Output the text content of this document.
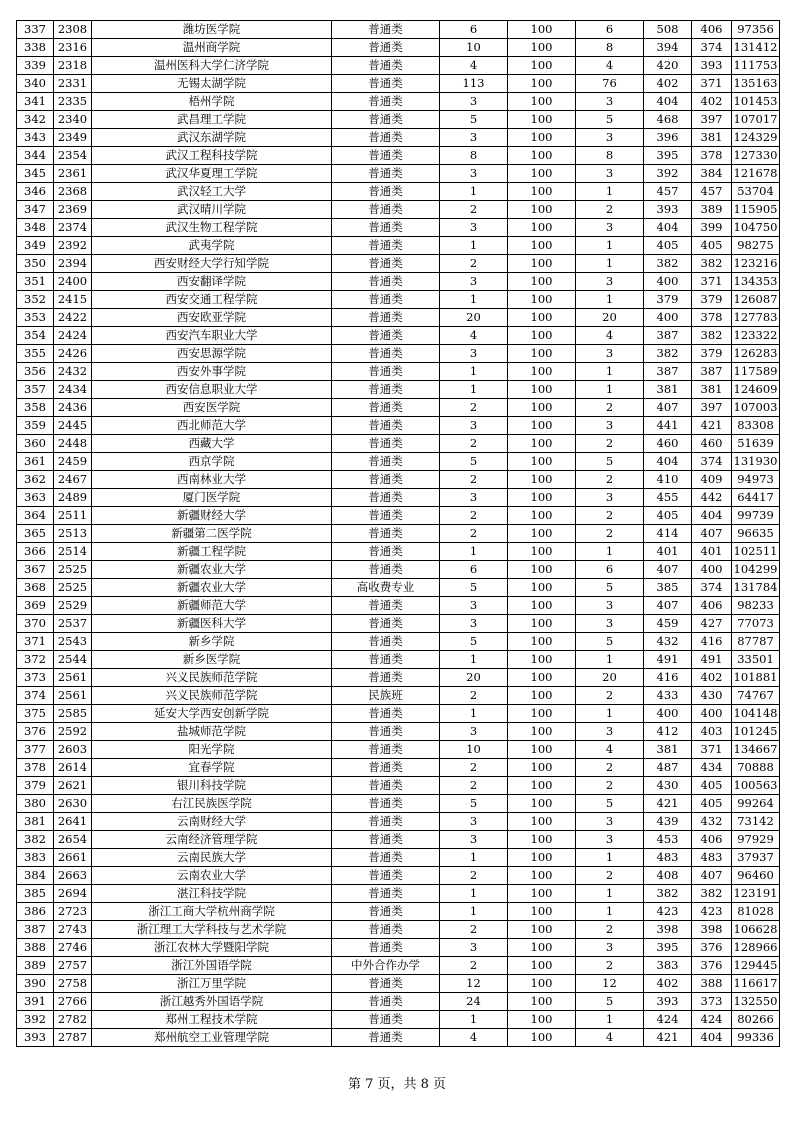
337	2308	潍坊医学院	普通类	6	100	6	508	406	97356
338	2316	温州商学院	普通类	10	100	8	394	374	131412
339	2318	温州医科大学仁济学院	普通类	4	100	4	420	393	111753
340	2331	无锡太湖学院	普通类	113	100	76	402	371	135163
341	2335	梧州学院	普通类	3	100	3	404	402	101453
342	2340	武昌理工学院	普通类	5	100	5	468	397	107017
343	2349	武汉东湖学院	普通类	3	100	3	396	381	124329
344	2354	武汉工程科技学院	普通类	8	100	8	395	378	127330
345	2361	武汉华夏理工学院	普通类	3	100	3	392	384	121678
346	2368	武汉轻工大学	普通类	1	100	1	457	457	53704
347	2369	武汉晴川学院	普通类	2	100	2	393	389	115905
348	2374	武汉生物工程学院	普通类	3	100	3	404	399	104750
349	2392	武夷学院	普通类	1	100	1	405	405	98275
350	2394	西安财经大学行知学院	普通类	2	100	1	382	382	123216
351	2400	西安翻译学院	普通类	3	100	3	400	371	134353
352	2415	西安交通工程学院	普通类	1	100	1	379	379	126087
353	2422	西安欧亚学院	普通类	20	100	20	400	378	127783
354	2424	西安汽车职业大学	普通类	4	100	4	387	382	123322
355	2426	西安思源学院	普通类	3	100	3	382	379	126283
356	2432	西安外事学院	普通类	1	100	1	387	387	117589
357	2434	西安信息职业大学	普通类	1	100	1	381	381	124609
358	2436	西安医学院	普通类	2	100	2	407	397	107003
359	2445	西北师范大学	普通类	3	100	3	441	421	83308
360	2448	西藏大学	普通类	2	100	2	460	460	51639
361	2459	西京学院	普通类	5	100	5	404	374	131930
362	2467	西南林业大学	普通类	2	100	2	410	409	94973
363	2489	厦门医学院	普通类	3	100	3	455	442	64417
364	2511	新疆财经大学	普通类	2	100	2	405	404	99739
365	2513	新疆第二医学院	普通类	2	100	2	414	407	96635
366	2514	新疆工程学院	普通类	1	100	1	401	401	102511
367	2525	新疆农业大学	普通类	6	100	6	407	400	104299
368	2525	新疆农业大学	高收费专业	5	100	5	385	374	131784
369	2529	新疆师范大学	普通类	3	100	3	407	406	98233
370	2537	新疆医科大学	普通类	3	100	3	459	427	77073
371	2543	新乡学院	普通类	5	100	5	432	416	87787
372	2544	新乡医学院	普通类	1	100	1	491	491	33501
373	2561	兴义民族师范学院	普通类	20	100	20	416	402	101881
374	2561	兴义民族师范学院	民族班	2	100	2	433	430	74767
375	2585	延安大学西安创新学院	普通类	1	100	1	400	400	104148
376	2592	盐城师范学院	普通类	3	100	3	412	403	101245
377	2603	阳光学院	普通类	10	100	4	381	371	134667
378	2614	宜春学院	普通类	2	100	2	487	434	70888
379	2621	银川科技学院	普通类	2	100	2	430	405	100563
380	2630	右江民族医学院	普通类	5	100	5	421	405	99264
381	2641	云南财经大学	普通类	3	100	3	439	432	73142
382	2654	云南经济管理学院	普通类	3	100	3	453	406	97929
383	2661	云南民族大学	普通类	1	100	1	483	483	37937
384	2663	云南农业大学	普通类	2	100	2	408	407	96460
385	2694	湛江科技学院	普通类	1	100	1	382	382	123191
386	2723	浙江工商大学杭州商学院	普通类	1	100	1	423	423	81028
387	2743	浙江理工大学科技与艺术学院	普通类	2	100	2	398	398	106628
388	2746	浙江农林大学暨阳学院	普通类	3	100	3	395	376	128966
389	2757	浙江外国语学院	中外合作办学	2	100	2	383	376	129445
390	2758	浙江万里学院	普通类	12	100	12	402	388	116617
391	2766	浙江越秀外国语学院	普通类	24	100	5	393	373	132550
392	2782	郑州工程技术学院	普通类	1	100	1	424	424	80266
393	2787	郑州航空工业管理学院	普通类	4	100	4	421	404	99336
第 7 页，共 8 页
